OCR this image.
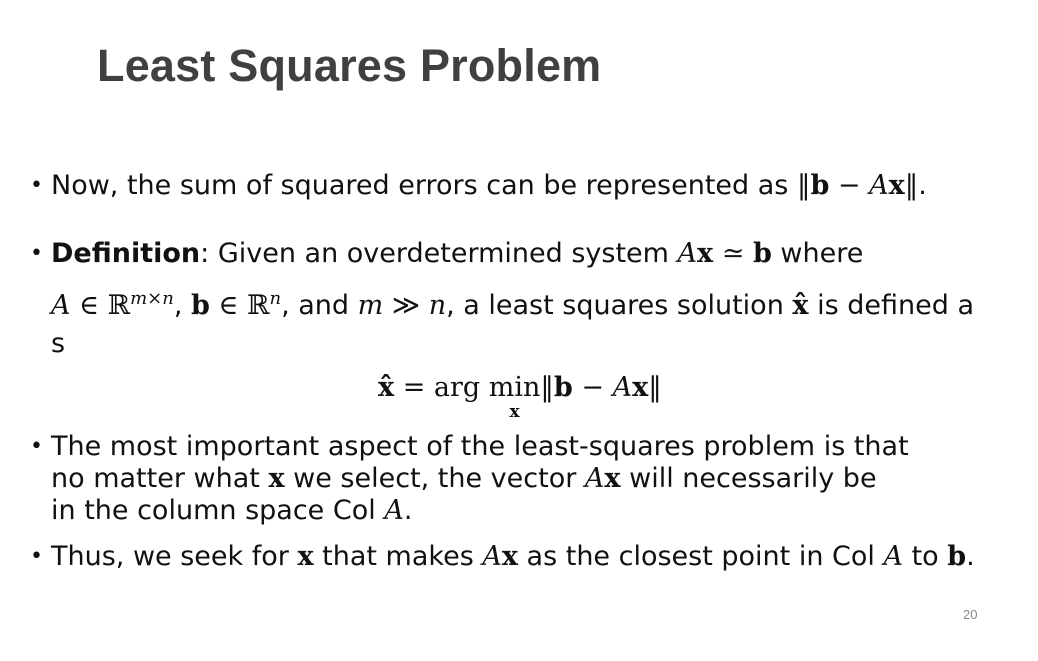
Least Squares Problem
• Now, the sum of squared errors can be represented as ‖b − Ax‖.
• Definition: Given an overdetermined system Ax ≃ b where
A ∈ ℝ$^{m\times n}$, b ∈ ℝ$^n$, and m ≫ n, a least squares solution x̂ is defined a
s
x̂ = arg min
x
‖b − Ax‖
• The most important aspect of the least-squares problem is that
no matter what x we select, the vector Ax will necessarily be
in the column space Col A.
• Thus, we seek for x that makes Ax as the closest point in Col A to b.
20
